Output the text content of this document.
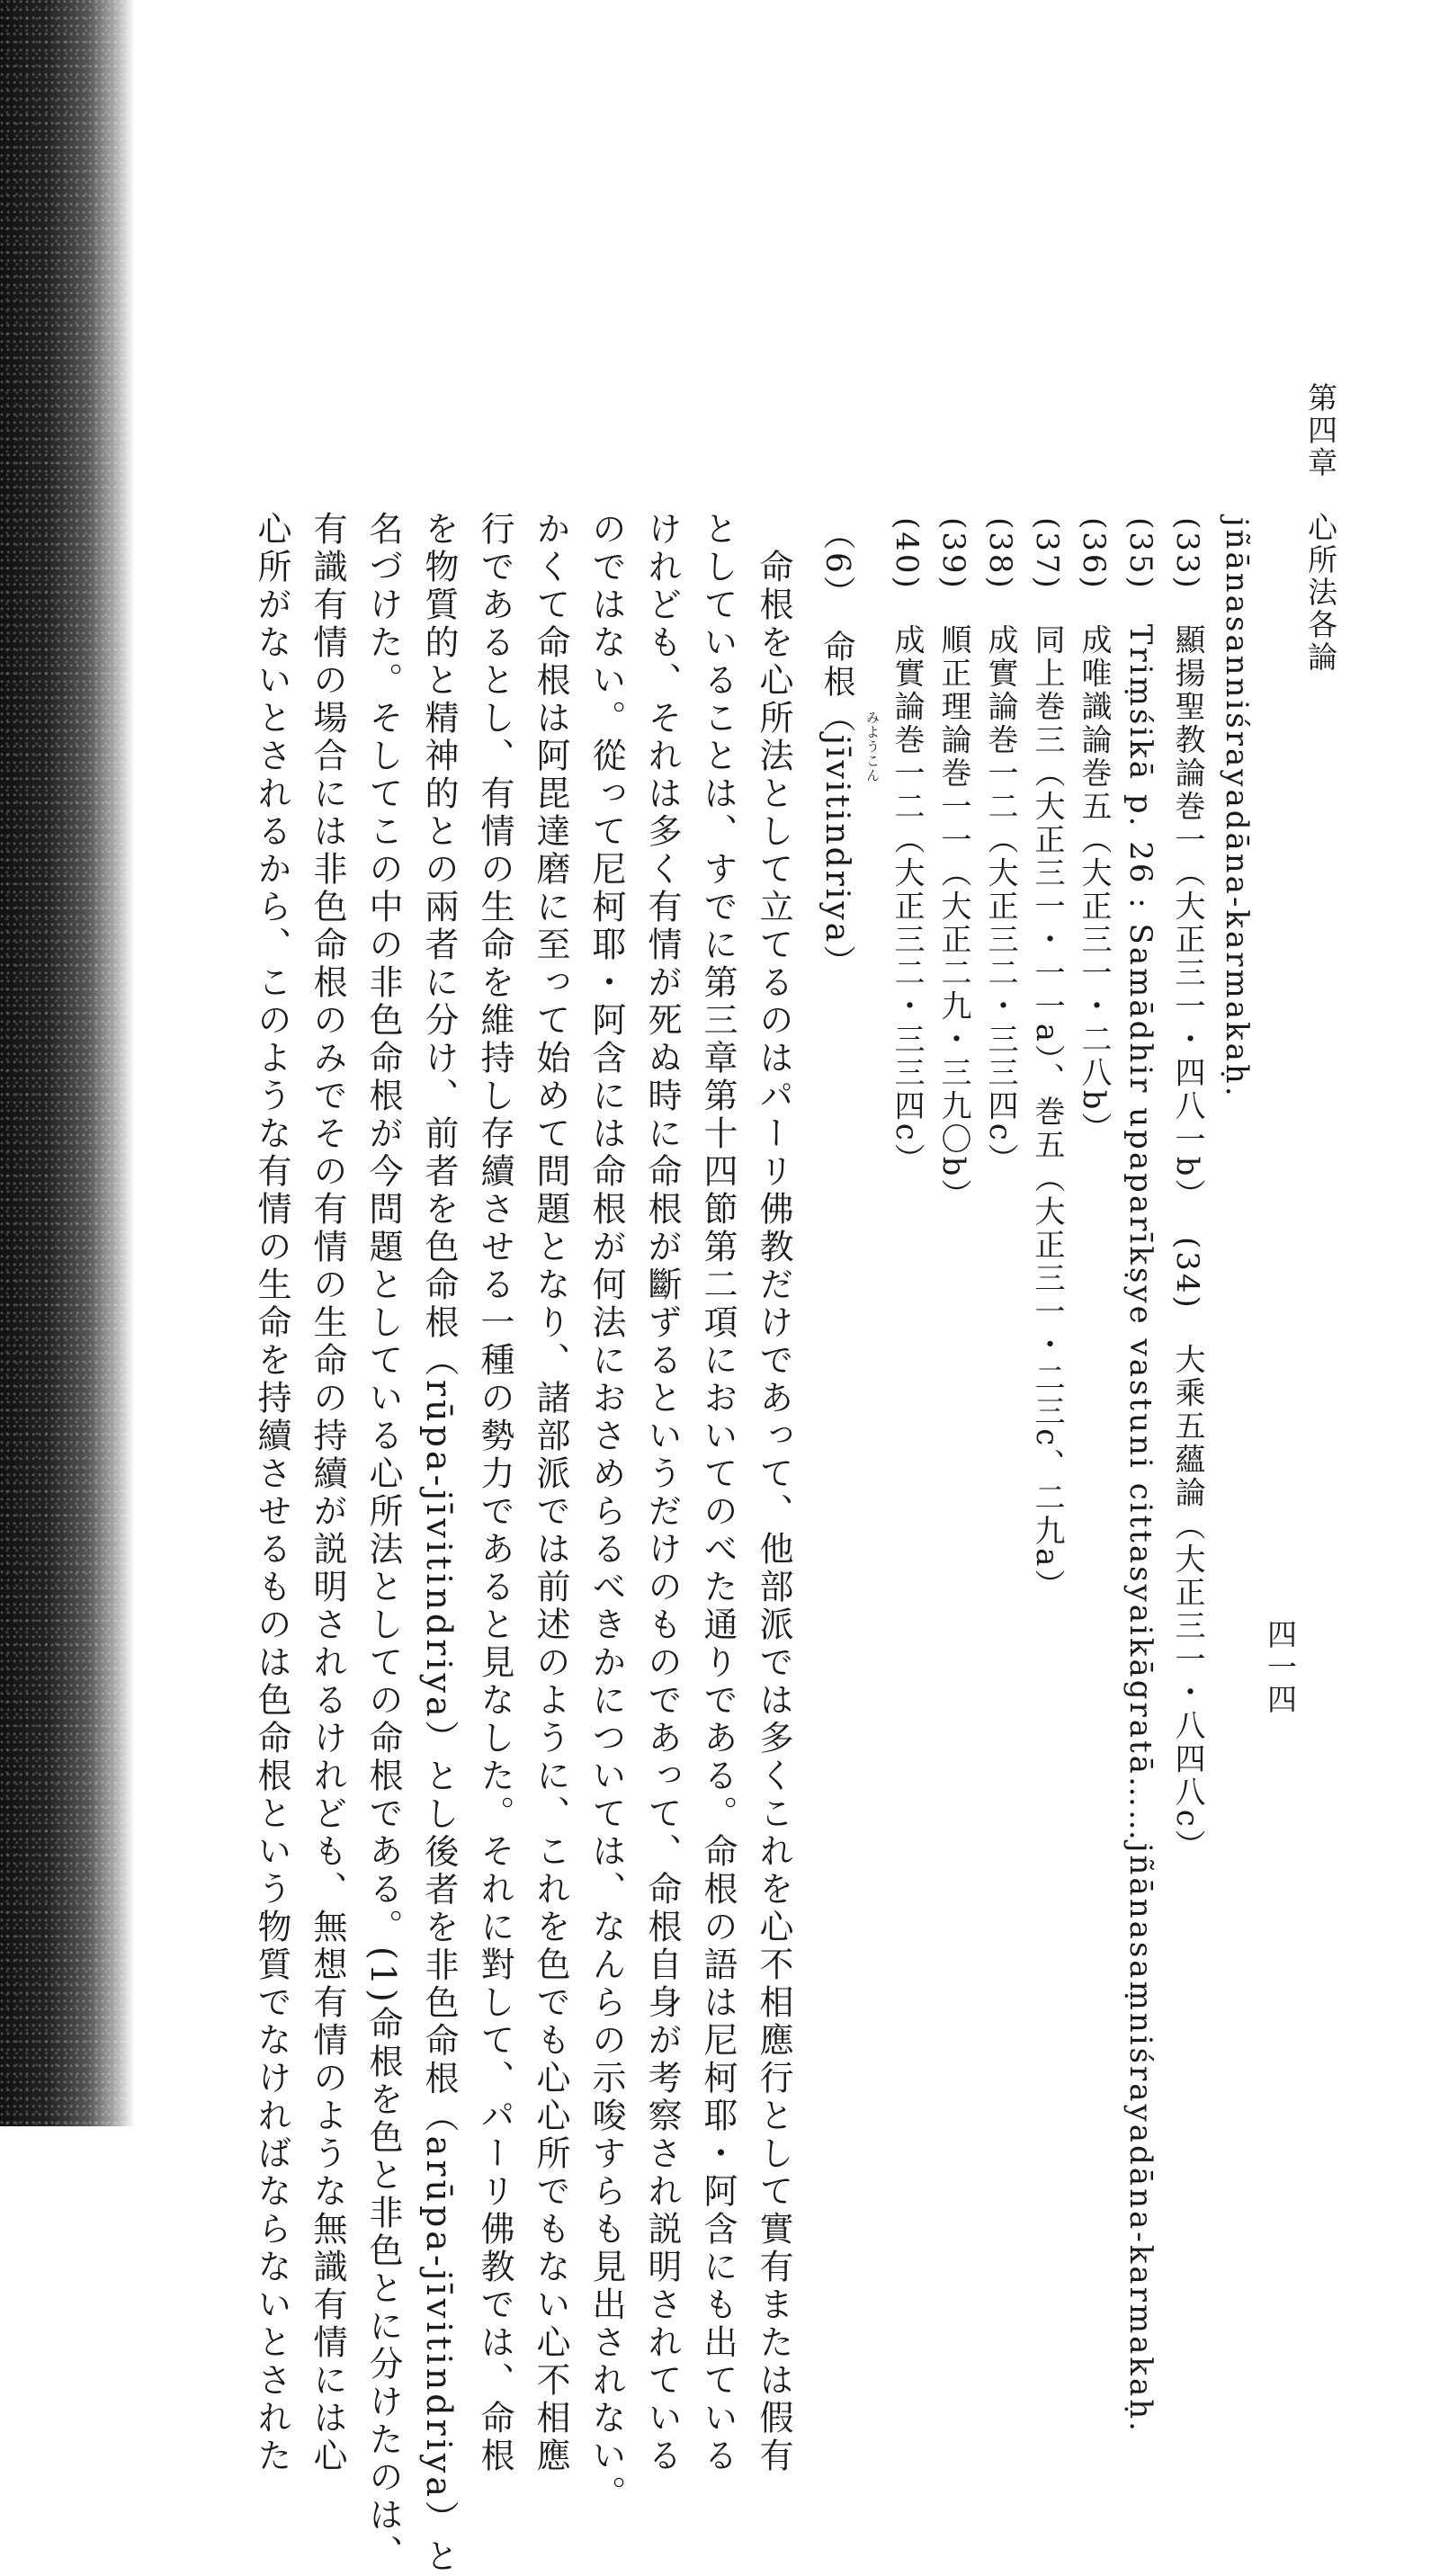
第四章　心所法各論
四一四
jñānasanniśrayadāna-karmakaḥ.
(33)　顯揚聖教論巻一（大正三一・四八一b）
(34)　大乘五蘊論（大正三一・八四八c）
(35)　Triṃśikā p. 26 : Samādhir upaparīkṣye vastuni cittasyaikāgratā……jñānasaṃniśrayadāna-karmakaḥ.
(36)　成唯識論巻五（大正三一・二八b）
(37)　同上巻三（大正三一・一一a）、巻五（大正三一・二三c、二九a）
(38)　成實論巻一二（大正三二・三三四c）
(39)　順正理論巻一一（大正二九・三九〇b）
(40)　成實論巻一二（大正三二・三三四c）
（6）　命根（jīvitindriya） みようこん
命根を心所法として立てるのはパーリ佛教だけであって、他部派では多くこれを心不相應行として實有または假有
としていることは、すでに第三章第十四節第二項においてのべた通りである。命根の語は尼柯耶・阿含にも出ている
けれども、それは多く有情が死ぬ時に命根が斷ずるというだけのものであって、命根自身が考察され説明されている
のではない。從って尼柯耶・阿含には命根が何法におさめらるべきかについては、なんらの示唆すらも見出されない。
かくて命根は阿毘達磨に至って始めて問題となり、諸部派では前述のように、これを色でも心心所でもない心不相應
行であるとし、有情の生命を維持し存續させる一種の勢力であると見なした。それに對して、パーリ佛教では、命根
を物質的と精神的との兩者に分け、前者を色命根（rūpa-jīvitindriya）とし後者を非色命根（arūpa-jīvitindriya）と
名づけた。そしてこの中の非色命根が今問題としている心所法としての命根である。(1)命根を色と非色とに分けたのは、
有識有情の場合には非色命根のみでその有情の生命の持續が説明されるけれども、無想有情のような無識有情には心
心所がないとされるから、このような有情の生命を持續させるものは色命根という物質でなければならないとされた
